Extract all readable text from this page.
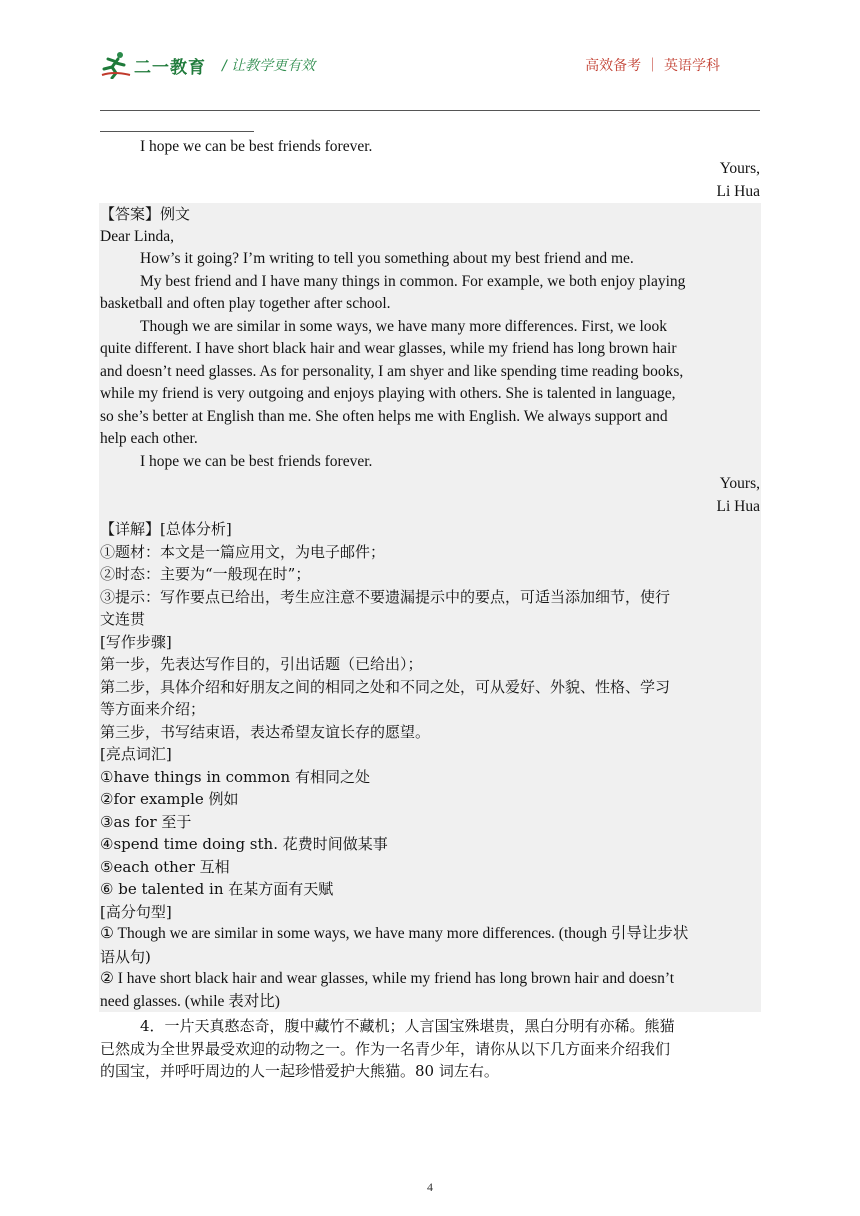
二一教育 / 让教学更有效	高效备考 ｜ 英语学科
I hope we can be best friends forever.
Yours,
Li Hua
【答案】例文
Dear Linda,
How’s it going? I’m writing to tell you something about my best friend and me.
My best friend and I have many things in common. For example, we both enjoy playing
basketball and often play together after school.
Though we are similar in some ways, we have many more differences. First, we look
quite different. I have short black hair and wear glasses, while my friend has long brown hair
and doesn’t need glasses. As for personality, I am shyer and like spending time reading books,
while my friend is very outgoing and enjoys playing with others. She is talented in language,
so she’s better at English than me. She often helps me with English. We always support and
help each other.
I hope we can be best friends forever.
Yours,
Li Hua
【详解】[总体分析]
①题材：本文是一篇应用文，为电子邮件；
②时态：主要为“一般现在时”；
③提示：写作要点已给出，考生应注意不要遗漏提示中的要点，可适当添加细节，使行
文连贯
[写作步骤]
第一步，先表达写作目的，引出话题（已给出）；
第二步，具体介绍和好朋友之间的相同之处和不同之处，可从爱好、外貌、性格、学习
等方面来介绍；
第三步，书写结束语，表达希望友谊长存的愿望。
[亮点词汇]
①have things in common 有相同之处
②for example 例如
③as for 至于
④spend time doing sth. 花费时间做某事
⑤each other 互相
⑥ be talented in 在某方面有天赋
[高分句型]
① Though we are similar in some ways, we have many more differences. (though 引导让步状
语从句)
② I have short black hair and wear glasses, while my friend has long brown hair and doesn’t
need glasses. (while 表对比)
4．一片天真憨态奇，腹中藏竹不藏机；人言国宝殊堪贵，黑白分明有亦稀。熊猫
已然成为全世界最受欢迎的动物之一。作为一名青少年，请你从以下几方面来介绍我们
的国宝，并呼吁周边的人一起珍惜爱护大熊猫。80 词左右。
4
